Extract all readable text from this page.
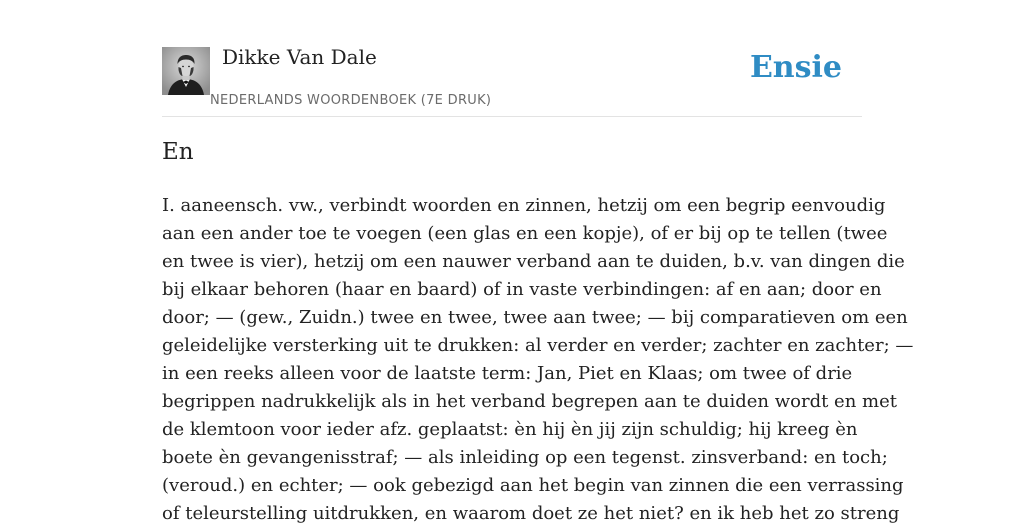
Dikke Van Dale
NEDERLANDS WOORDENBOEK (7E DRUK)
Ensie
En

I. aaneensch. vw., verbindt woorden en zinnen, hetzij om een begrip eenvoudig
aan een ander toe te voegen (een glas en een kopje), of er bij op te tellen (twee
en twee is vier), hetzij om een nauwer verband aan te duiden, b.v. van dingen die
bij elkaar behoren (haar en baard) of in vaste verbindingen: af en aan; door en
door; — (gew., Zuidn.) twee en twee, twee aan twee; — bij comparatieven om een
geleidelijke versterking uit te drukken: al verder en verder; zachter en zachter; —
in een reeks alleen voor de laatste term: Jan, Piet en Klaas; om twee of drie
begrippen nadrukkelijk als in het verband begrepen aan te duiden wordt en met
de klemtoon voor ieder afz. geplaatst: èn hij èn jij zijn schuldig; hij kreeg èn
boete èn gevangenisstraf; — als inleiding op een tegenst. zinsverband: en toch;
(veroud.) en echter; — ook gebezigd aan het begin van zinnen die een verrassing
of teleurstelling uitdrukken, en waarom doet ze het niet? en ik heb het zo streng
